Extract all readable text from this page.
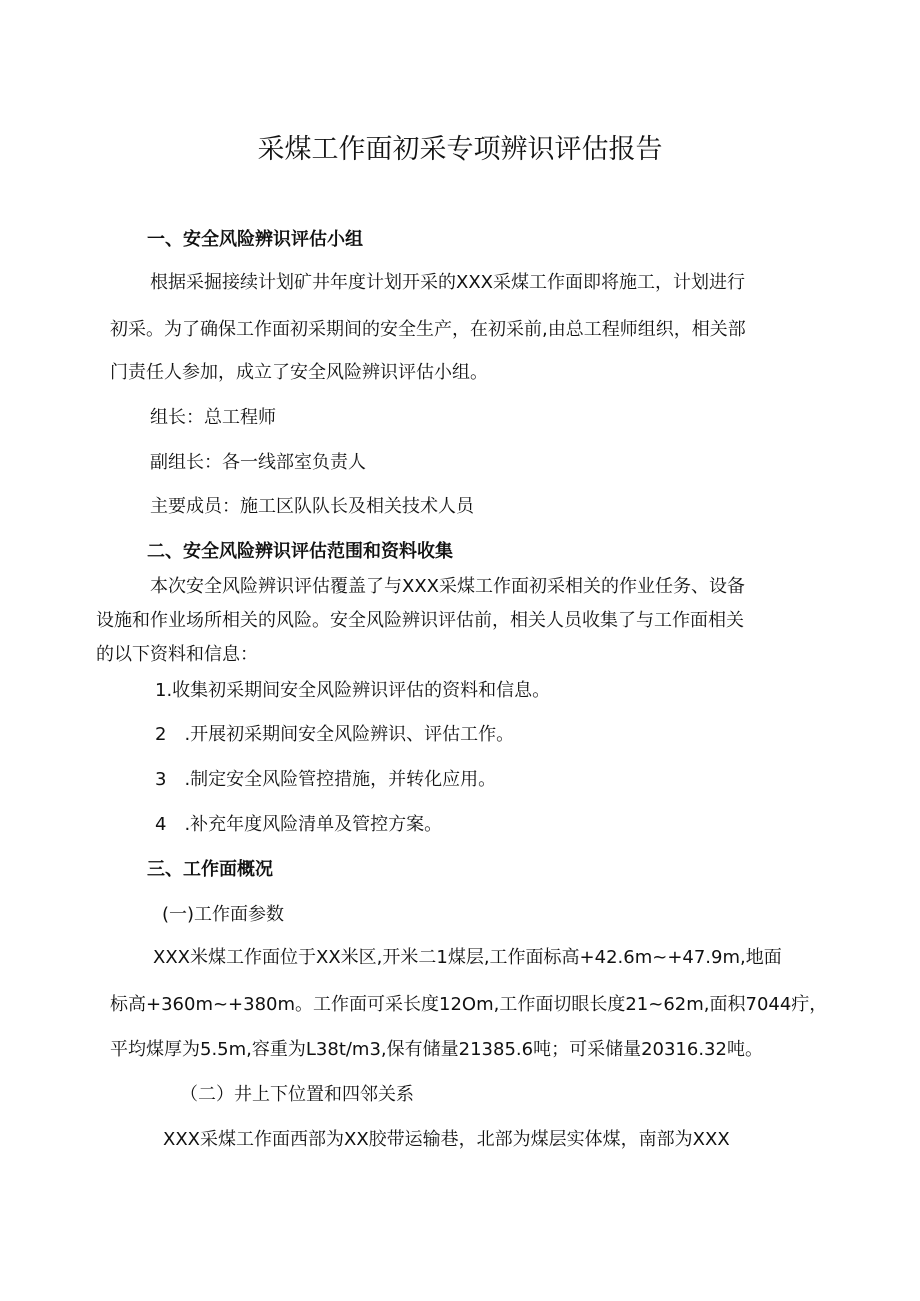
采煤工作面初采专项辨识评估报告
一、安全风险辨识评估小组

根据采掘接续计划矿井年度计划开采的XXX采煤工作面即将施工，计划进行

初采。为了确保工作面初采期间的安全生产，在初采前,由总工程师组织，相关部

门责任人参加，成立了安全风险辨识评估小组。

组长：总工程师

副组长：各一线部室负责人

主要成员：施工区队队长及相关技术人员

二、安全风险辨识评估范围和资料收集

本次安全风险辨识评估覆盖了与XXX采煤工作面初采相关的作业任务、设备

设施和作业场所相关的风险。安全风险辨识评估前，相关人员收集了与工作面相关

的以下资料和信息：

1.收集初采期间安全风险辨识评估的资料和信息。

2　.开展初采期间安全风险辨识、评估工作。

3　.制定安全风险管控措施，并转化应用。

4　.补充年度风险清单及管控方案。

三、工作面概况

(一)工作面参数

XXX米煤工作面位于XX米区,开米二1煤层,工作面标高+42.6m~+47.9m,地面

标高+360m~+380m。工作面可采长度12Om,工作面切眼长度21~62m,面积7044疔，

平均煤厚为5.5m,容重为L38t∕m3,保有储量21385.6吨；可采储量20316.32吨。

（二）井上下位置和四邻关系

XXX采煤工作面西部为XX胶带运输巷，北部为煤层实体煤，南部为XXX
